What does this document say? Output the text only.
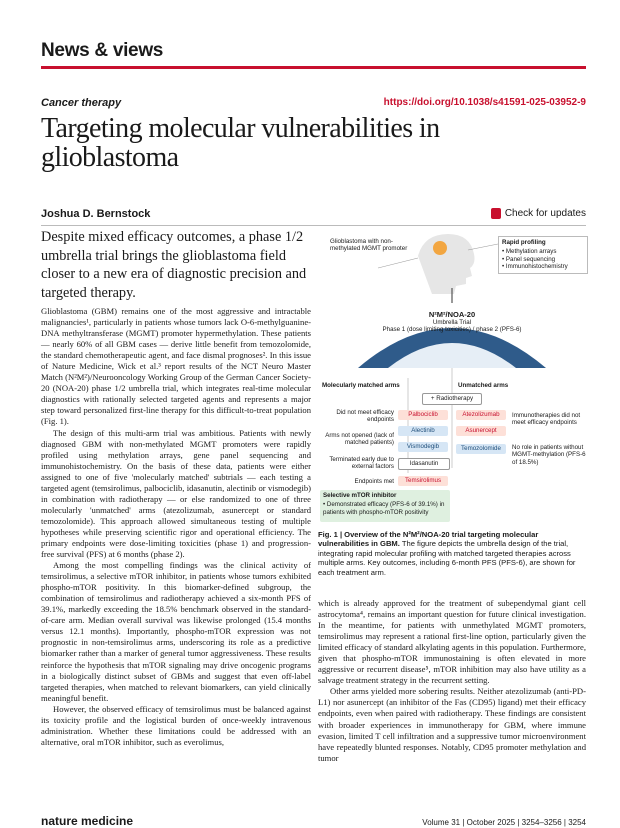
News & views
Cancer therapy	https://doi.org/10.1038/s41591-025-03952-9
Targeting molecular vulnerabilities in glioblastoma
Joshua D. Bernstock	Check for updates
Despite mixed efficacy outcomes, a phase 1/2 umbrella trial brings the glioblastoma field closer to a new era of diagnostic precision and targeted therapy.

Glioblastoma (GBM) remains one of the most aggressive and intractable malignancies¹, particularly in patients whose tumors lack O-6-methylguanine-DNA methyltransferase (MGMT) promoter hypermethylation. These patients — nearly 60% of all GBM cases — derive little benefit from temozolomide, the standard chemotherapeutic agent, and face dismal prognoses². In this issue of Nature Medicine, Wick et al.³ report results of the NCT Neuro Master Match (N²M²)/Neurooncology Working Group of the German Cancer Society-20 (NOA-20) phase 1/2 umbrella trial, which integrates real-time molecular diagnostics with rationally selected targeted agents and represents a major step toward personalized first-line therapy for this difficult-to-treat population (Fig. 1).

The design of this multi-arm trial was ambitious. Patients with newly diagnosed GBM with non-methylated MGMT promoters were rapidly profiled using methylation arrays, gene panel sequencing and immunohistochemistry. On the basis of these data, patients were either assigned to one of five 'molecularly matched' subtrials — each testing a targeted agent (temsirolimus, palbociclib, idasanutin, alectinib or vismodegib) in combination with radiotherapy — or else randomized to one of three molecularly 'unmatched' arms (atezolizumab, asunercept or standard temozolomide). This approach allowed simultaneous testing of multiple hypotheses while preserving scientific rigor and operational efficiency. The primary endpoints were dose-limiting toxicities (phase 1) and progression-free survival (PFS) at 6 months (phase 2).

Among the most compelling findings was the clinical activity of temsirolimus, a selective mTOR inhibitor, in patients whose tumors exhibited phospho-mTOR positivity. In this biomarker-defined subgroup, the combination of temsirolimus and radiotherapy achieved a six-month PFS of 39.1%, markedly exceeding the 18.5% benchmark observed in the standard-of-care arm. Median overall survival was likewise prolonged (15.4 months versus 12.1 months). Importantly, phospho-mTOR expression was not prognostic in non-temsirolimus arms, underscoring its role as a predictive biomarker rather than a marker of general tumor aggressiveness. These results reinforce the hypothesis that mTOR signaling may drive oncogenic programs in a biologically distinct subset of GBMs and suggest that even off-label targeted therapies, when matched to relevant biomarkers, can yield clinically meaningful benefit.

However, the observed efficacy of temsirolimus must be balanced against its toxicity profile and the logistical burden of once-weekly intravenous administration. Whether these limitations could be addressed with an alternative, oral mTOR inhibitor, such as everolimus,

Glioblastoma with non-methylated MGMT promoter
Rapid profiling
• Methylation arrays
• Panel sequencing
• Immunohistochemistry
N²M²/NOA-20
Umbrella Trial
Phase 1 (dose limiting toxicities) / phase 2 (PFS-6)
Molecularly matched arms	Unmatched arms
+ Radiotherapy
Palbociclib
Alectinib
Vismodegib
Idasanutin
Temsirolimus
Atezolizumab
Asunercept
Temozolomide
Did not meet efficacy endpoints
Arms not opened (lack of matched patients)
Terminated early due to external factors
Endpoints met
Immunotherapies did not meet efficacy endpoints
No role in patients without MGMT-methylation (PFS-6 of 18.5%)
Selective mTOR inhibitor
• Demonstrated efficacy (PFS-6 of 39.1%) in patients with phospho-mTOR positivity
Fig. 1 | Overview of the N²M²/NOA-20 trial targeting molecular vulnerabilities in GBM. The figure depicts the umbrella design of the trial, integrating rapid molecular profiling with matched targeted therapies across multiple arms. Key outcomes, including 6-month PFS (PFS-6), are shown for each treatment arm.

which is already approved for the treatment of subependymal giant cell astrocytoma⁴, remains an important question for future clinical investigation. In the meantime, for patients with unmethylated MGMT promoters, temsirolimus may represent a rational first-line option, particularly given the limited efficacy of standard alkylating agents in this population. Furthermore, given that phospho-mTOR immunostaining is often elevated in more aggressive or recurrent disease⁵, mTOR inhibition may also have utility as a salvage treatment strategy in the recurrent setting.

Other arms yielded more sobering results. Neither atezolizumab (anti-PD-L1) nor asunercept (an inhibitor of the Fas (CD95) ligand) met their efficacy endpoints, even when paired with radiotherapy. These findings are consistent with broader experiences in immunotherapy for GBM, where immune evasion, limited T cell infiltration and a suppressive tumor microenvironment have repeatedly blunted responses. Notably, CD95 promoter methylation and tumor

nature medicine	Volume 31 | October 2025 | 3254–3256 | 3254
